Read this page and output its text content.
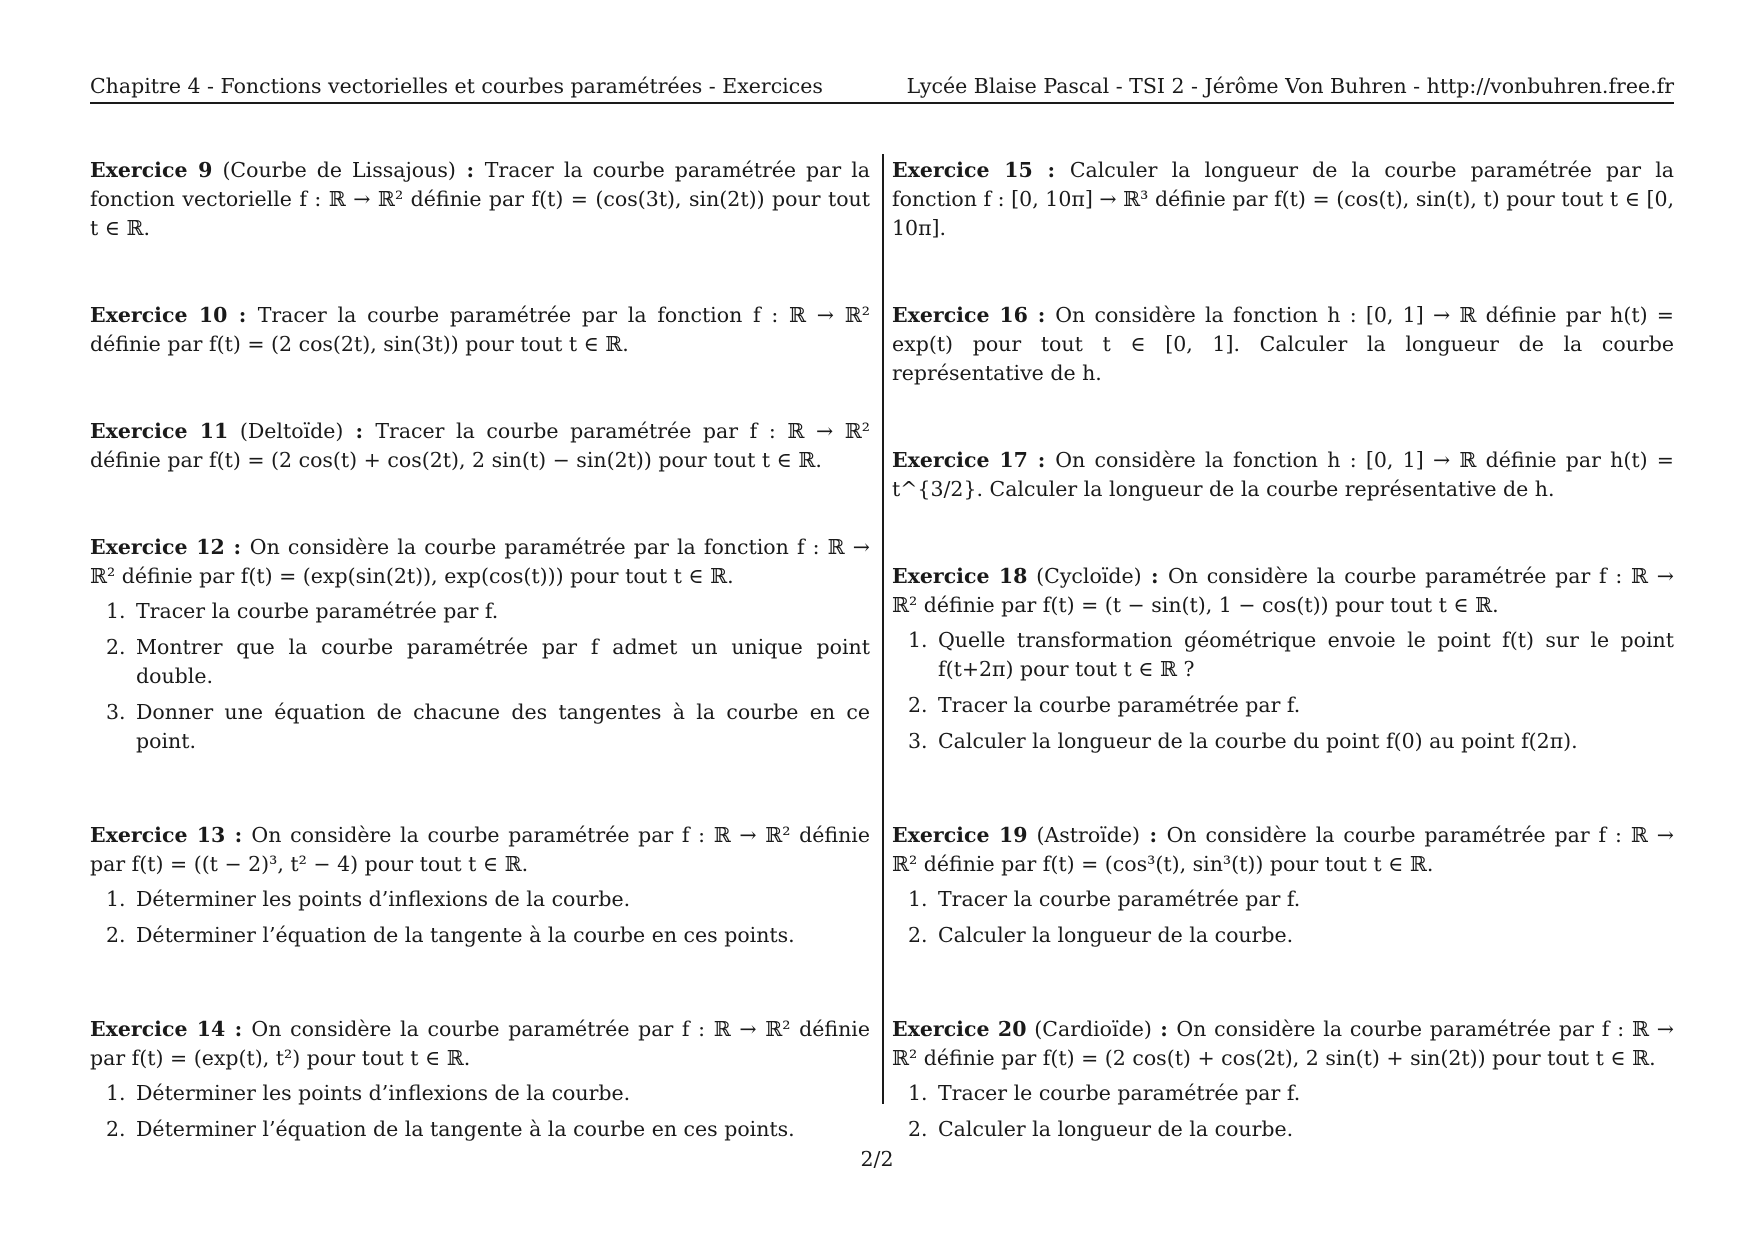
Chapitre 4 - Fonctions vectorielles et courbes paramétrées - Exercices	Lycée Blaise Pascal - TSI 2 - Jérôme Von Buhren - http://vonbuhren.free.fr

Exercice 9 (Courbe de Lissajous) : Tracer la courbe paramétrée par la fonction vectorielle f : ℝ → ℝ² définie par f(t) = (cos(3t), sin(2t)) pour tout t ∈ ℝ.

Exercice 10 : Tracer la courbe paramétrée par la fonction f : ℝ → ℝ² définie par f(t) = (2 cos(2t), sin(3t)) pour tout t ∈ ℝ.

Exercice 11 (Deltoïde) : Tracer la courbe paramétrée par f : ℝ → ℝ² définie par f(t) = (2 cos(t) + cos(2t), 2 sin(t) − sin(2t)) pour tout t ∈ ℝ.

Exercice 12 : On considère la courbe paramétrée par la fonction f : ℝ → ℝ² définie par f(t) = (exp(sin(2t)), exp(cos(t))) pour tout t ∈ ℝ.

1. Tracer la courbe paramétrée par f.
2. Montrer que la courbe paramétrée par f admet un unique point double.
3. Donner une équation de chacune des tangentes à la courbe en ce point.

Exercice 13 : On considère la courbe paramétrée par f : ℝ → ℝ² définie par f(t) = ((t − 2)³, t² − 4) pour tout t ∈ ℝ.

1. Déterminer les points d’inflexions de la courbe.
2. Déterminer l’équation de la tangente à la courbe en ces points.

Exercice 14 : On considère la courbe paramétrée par f : ℝ → ℝ² définie par f(t) = (exp(t), t²) pour tout t ∈ ℝ.

1. Déterminer les points d’inflexions de la courbe.
2. Déterminer l’équation de la tangente à la courbe en ces points.

Exercice 15 : Calculer la longueur de la courbe paramétrée par la fonction f : [0, 10π] → ℝ³ définie par f(t) = (cos(t), sin(t), t) pour tout t ∈ [0, 10π].

Exercice 16 : On considère la fonction h : [0, 1] → ℝ définie par h(t) = exp(t) pour tout t ∈ [0, 1]. Calculer la longueur de la courbe représentative de h.

Exercice 17 : On considère la fonction h : [0, 1] → ℝ définie par h(t) = t^{3/2}. Calculer la longueur de la courbe représentative de h.

Exercice 18 (Cycloïde) : On considère la courbe paramétrée par f : ℝ → ℝ² définie par f(t) = (t − sin(t), 1 − cos(t)) pour tout t ∈ ℝ.

1. Quelle transformation géométrique envoie le point f(t) sur le point f(t+2π) pour tout t ∈ ℝ ?
2. Tracer la courbe paramétrée par f.
3. Calculer la longueur de la courbe du point f(0) au point f(2π).

Exercice 19 (Astroïde) : On considère la courbe paramétrée par f : ℝ → ℝ² définie par f(t) = (cos³(t), sin³(t)) pour tout t ∈ ℝ.

1. Tracer la courbe paramétrée par f.
2. Calculer la longueur de la courbe.

Exercice 20 (Cardioïde) : On considère la courbe paramétrée par f : ℝ → ℝ² définie par f(t) = (2 cos(t) + cos(2t), 2 sin(t) + sin(2t)) pour tout t ∈ ℝ.

1. Tracer le courbe paramétrée par f.
2. Calculer la longueur de la courbe.
2/2
